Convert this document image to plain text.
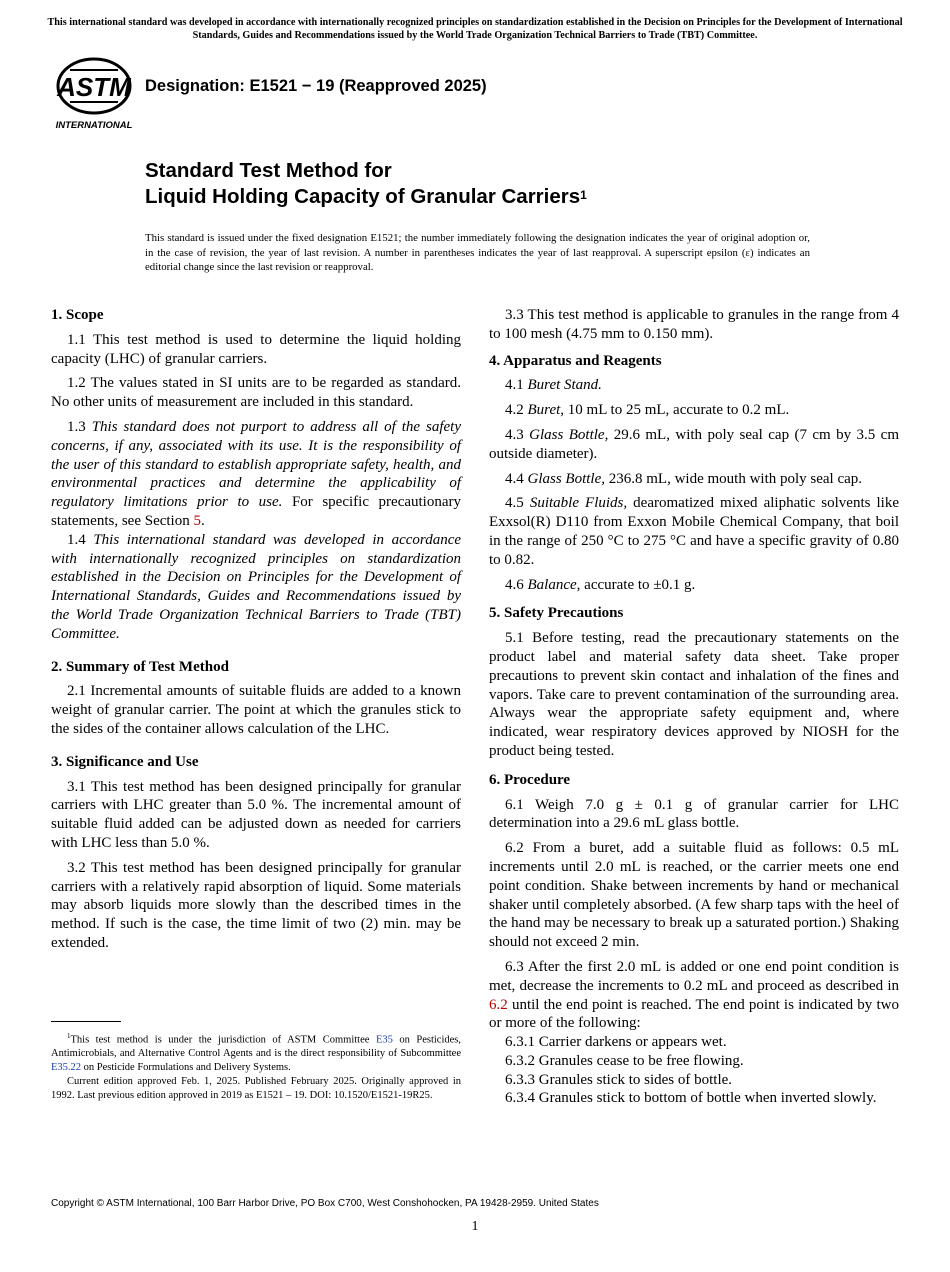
This international standard was developed in accordance with internationally recognized principles on standardization established in the Decision on Principles for the Development of International Standards, Guides and Recommendations issued by the World Trade Organization Technical Barriers to Trade (TBT) Committee.
ASTM
INTERNATIONAL
Designation: E1521 − 19 (Reapproved 2025)
Standard Test Method for
Liquid Holding Capacity of Granular Carriers$^1$
This standard is issued under the fixed designation E1521; the number immediately following the designation indicates the year of original adoption or, in the case of revision, the year of last revision. A number in parentheses indicates the year of last reapproval. A superscript epsilon (ε) indicates an editorial change since the last revision or reapproval.
1. Scope

1.1 This test method is used to determine the liquid holding capacity (LHC) of granular carriers.

1.2 The values stated in SI units are to be regarded as standard. No other units of measurement are included in this standard.

1.3 This standard does not purport to address all of the safety concerns, if any, associated with its use. It is the responsibility of the user of this standard to establish appropriate safety, health, and environmental practices and determine the applicability of regulatory limitations prior to use. For specific precautionary statements, see Section 5.

1.4 This international standard was developed in accordance with internationally recognized principles on standardization established in the Decision on Principles for the Development of International Standards, Guides and Recommendations issued by the World Trade Organization Technical Barriers to Trade (TBT) Committee.

2. Summary of Test Method

2.1 Incremental amounts of suitable fluids are added to a known weight of granular carrier. The point at which the granules stick to the sides of the container allows calculation of the LHC.

3. Significance and Use

3.1 This test method has been designed principally for granular carriers with LHC greater than 5.0 %. The incremental amount of suitable fluid added can be adjusted down as needed for carriers with LHC less than 5.0 %.

3.2 This test method has been designed principally for granular carriers with a relatively rapid absorption of liquid. Some materials may absorb liquids more slowly than the described times in the method. If such is the case, the time limit of two (2) min. may be extended.

3.3 This test method is applicable to granules in the range from 4 to 100 mesh (4.75 mm to 0.150 mm).

4. Apparatus and Reagents

4.1 Buret Stand.

4.2 Buret, 10 mL to 25 mL, accurate to 0.2 mL.

4.3 Glass Bottle, 29.6 mL, with poly seal cap (7 cm by 3.5 cm outside diameter).

4.4 Glass Bottle, 236.8 mL, wide mouth with poly seal cap.

4.5 Suitable Fluids, dearomatized mixed aliphatic solvents like Exxsol(R) D110 from Exxon Mobile Chemical Company, that boil in the range of 250 °C to 275 °C and have a specific gravity of 0.80 to 0.82.

4.6 Balance, accurate to ±0.1 g.

5. Safety Precautions

5.1 Before testing, read the precautionary statements on the product label and material safety data sheet. Take proper precautions to prevent skin contact and inhalation of the fines and vapors. Take care to prevent contamination of the surrounding area. Always wear the appropriate safety equipment and, where indicated, wear respiratory devices approved by NIOSH for the product being tested.

6. Procedure

6.1 Weigh 7.0 g ± 0.1 g of granular carrier for LHC determination into a 29.6 mL glass bottle.

6.2 From a buret, add a suitable fluid as follows: 0.5 mL increments until 2.0 mL is reached, or the carrier meets one end point condition. Shake between increments by hand or mechanical shaker until completely absorbed. (A few sharp taps with the heel of the hand may be necessary to break up a saturated portion.) Shaking should not exceed 2 min.

6.3 After the first 2.0 mL is added or one end point condition is met, decrease the increments to 0.2 mL and proceed as described in 6.2 until the end point is reached. The end point is indicated by two or more of the following:

6.3.1 Carrier darkens or appears wet.

6.3.2 Granules cease to be free flowing.

6.3.3 Granules stick to sides of bottle.

6.3.4 Granules stick to bottom of bottle when inverted slowly.

$^1$This test method is under the jurisdiction of ASTM Committee E35 on Pesticides, Antimicrobials, and Alternative Control Agents and is the direct responsibility of Subcommittee E35.22 on Pesticide Formulations and Delivery Systems.

Current edition approved Feb. 1, 2025. Published February 2025. Originally approved in 1992. Last previous edition approved in 2019 as E1521 – 19. DOI: 10.1520/E1521-19R25.

Copyright © ASTM International, 100 Barr Harbor Drive, PO Box C700, West Conshohocken, PA 19428-2959. United States
1
